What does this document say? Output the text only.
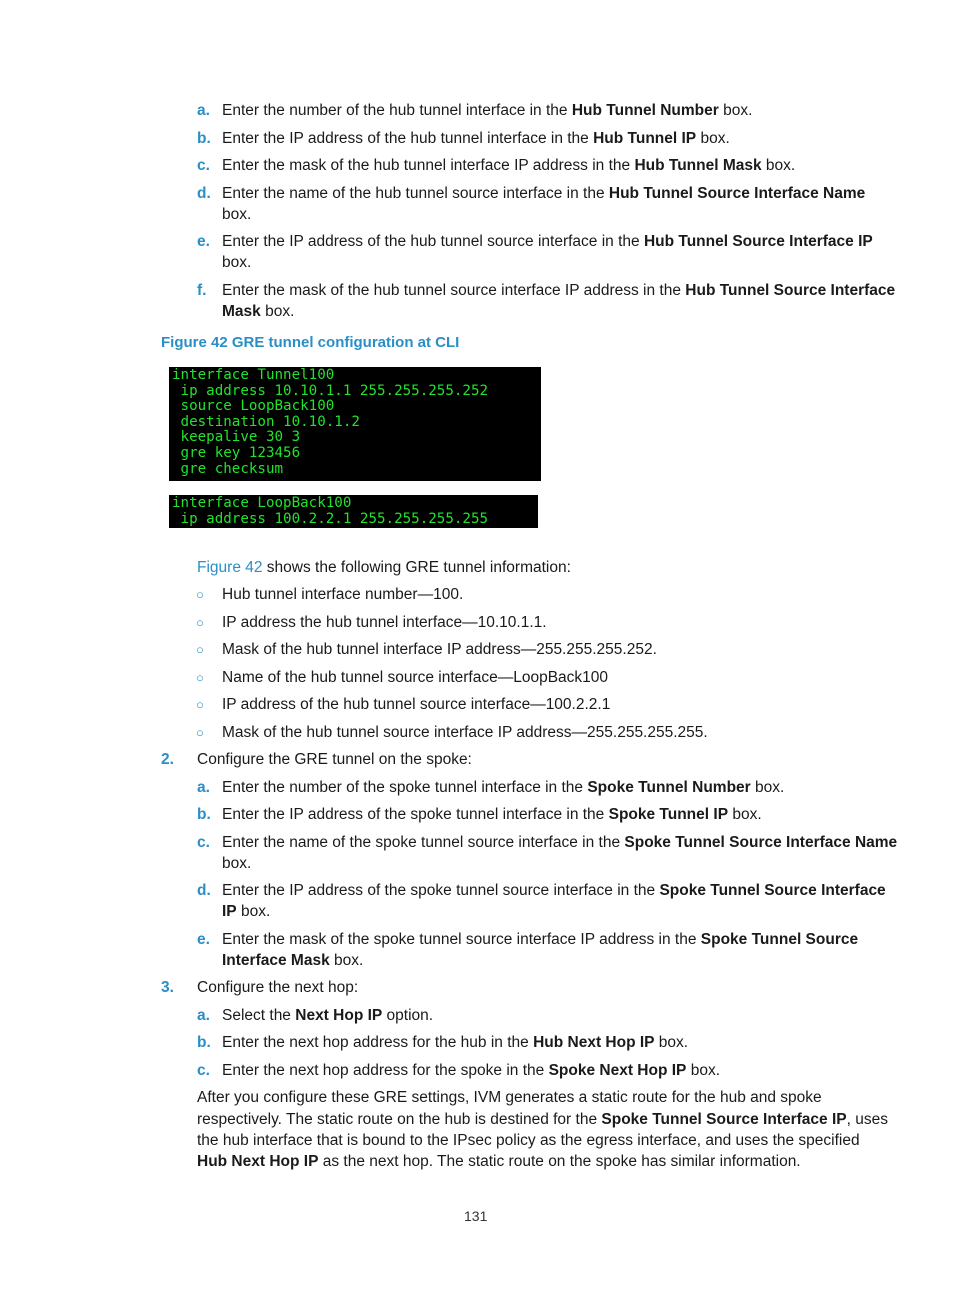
a. Enter the number of the hub tunnel interface in the Hub Tunnel Number box.
b. Enter the IP address of the hub tunnel interface in the Hub Tunnel IP box.
c. Enter the mask of the hub tunnel interface IP address in the Hub Tunnel Mask box.
d. Enter the name of the hub tunnel source interface in the Hub Tunnel Source Interface Name
box.
e. Enter the IP address of the hub tunnel source interface in the Hub Tunnel Source Interface IP
box.
f. Enter the mask of the hub tunnel source interface IP address in the Hub Tunnel Source Interface
Mask box.
Figure 42 GRE tunnel configuration at CLI
interface Tunnel100
ip address 10.10.1.1 255.255.255.252
source LoopBack100
destination 10.10.1.2
keepalive 30 3
gre key 123456
gre checksum
interface LoopBack100
ip address 100.2.2.1 255.255.255.255
Figure 42 shows the following GRE tunnel information:
○ Hub tunnel interface number—100.
○ IP address the hub tunnel interface—10.10.1.1.
○ Mask of the hub tunnel interface IP address—255.255.255.252.
○ Name of the hub tunnel source interface—LoopBack100
○ IP address of the hub tunnel source interface—100.2.2.1
○ Mask of the hub tunnel source interface IP address—255.255.255.255.
2. Configure the GRE tunnel on the spoke:
a. Enter the number of the spoke tunnel interface in the Spoke Tunnel Number box.
b. Enter the IP address of the spoke tunnel interface in the Spoke Tunnel IP box.
c. Enter the name of the spoke tunnel source interface in the Spoke Tunnel Source Interface Name
box.
d. Enter the IP address of the spoke tunnel source interface in the Spoke Tunnel Source Interface
IP box.
e. Enter the mask of the spoke tunnel source interface IP address in the Spoke Tunnel Source
Interface Mask box.
3. Configure the next hop:
a. Select the Next Hop IP option.
b. Enter the next hop address for the hub in the Hub Next Hop IP box.
c. Enter the next hop address for the spoke in the Spoke Next Hop IP box.
After you configure these GRE settings, IVM generates a static route for the hub and spoke
respectively. The static route on the hub is destined for the Spoke Tunnel Source Interface IP, uses
the hub interface that is bound to the IPsec policy as the egress interface, and uses the specified
Hub Next Hop IP as the next hop. The static route on the spoke has similar information.
131
